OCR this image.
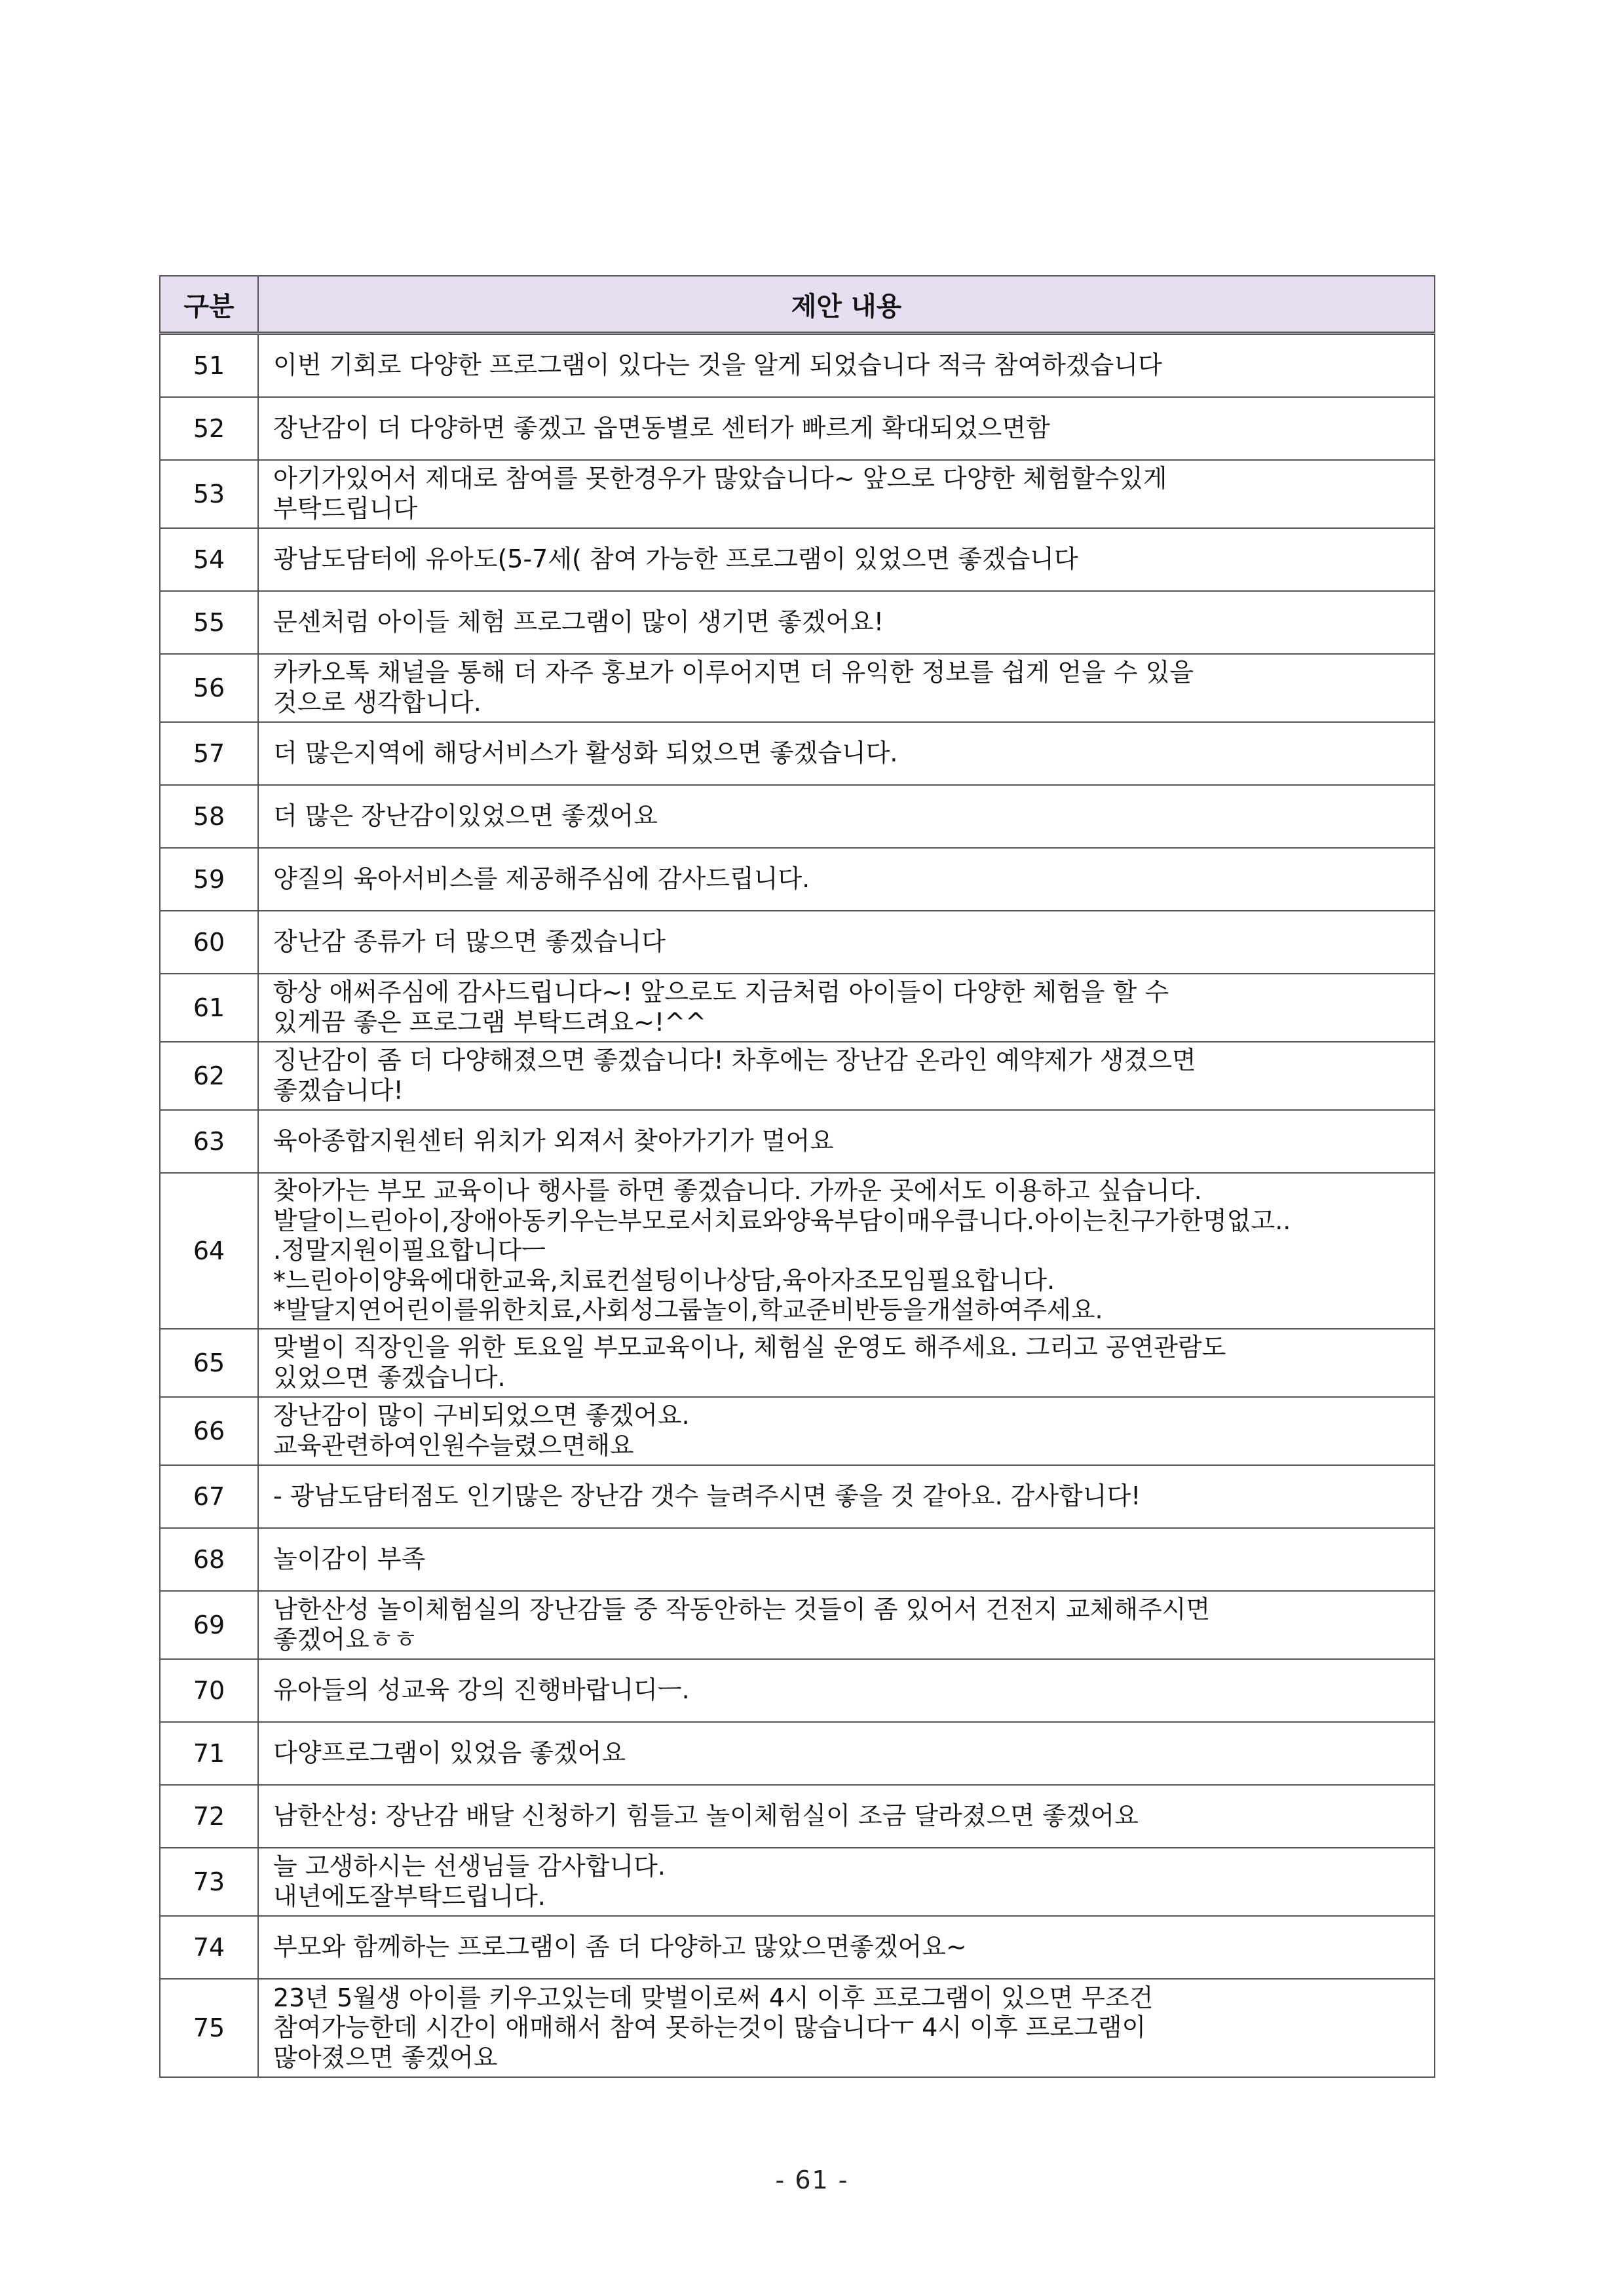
구분	제안 내용
51	이번 기회로 다양한 프로그램이 있다는 것을 알게 되었습니다 적극 참여하겠습니다
52	장난감이 더 다양하면 좋겠고 읍면동별로 센터가 빠르게 확대되었으면함
53	아기가있어서 제대로 참여를 못한경우가 많았습니다~ 앞으로 다양한 체험할수있게
부탁드립니다
54	광남도담터에 유아도(5-7세( 참여 가능한 프로그램이 있었으면 좋겠습니다
55	문센처럼 아이들 체험 프로그램이 많이 생기면 좋겠어요!
56	카카오톡 채널을 통해 더 자주 홍보가 이루어지면 더 유익한 정보를 쉽게 얻을 수 있을
것으로 생각합니다.
57	더 많은지역에 해당서비스가 활성화 되었으면 좋겠습니다.
58	더 많은 장난감이있었으면 좋겠어요
59	양질의 육아서비스를 제공해주심에 감사드립니다.
60	장난감 종류가 더 많으면 좋겠습니다
61	항상 애써주심에 감사드립니다~! 앞으로도 지금처럼 아이들이 다양한 체험을 할 수
있게끔 좋은 프로그램 부탁드려요~!^^
62	징난감이 좀 더 다양해졌으면 좋겠습니다! 차후에는 장난감 온라인 예약제가 생겼으면
좋겠습니다!
63	육아종합지원센터 위치가 외져서 찾아가기가 멀어요
64	찾아가는 부모 교육이나 행사를 하면 좋겠습니다. 가까운 곳에서도 이용하고 싶습니다.
발달이느린아이,장애아동키우는부모로서치료와양육부담이매우큽니다.아이는친구가한명없고..
.정말지원이필요합니다ㅡ
*느린아이양육에대한교육,치료컨설팅이나상담,육아자조모임필요합니다.
*발달지연어린이를위한치료,사회성그룹놀이,학교준비반등을개설하여주세요.
65	맞벌이 직장인을 위한 토요일 부모교육이나, 체험실 운영도 해주세요. 그리고 공연관람도
있었으면 좋겠습니다.
66	장난감이 많이 구비되었으면 좋겠어요.
교육관련하여인원수늘렸으면해요
67	- 광남도담터점도 인기많은 장난감 갯수 늘려주시면 좋을 것 같아요. 감사합니다!
68	놀이감이 부족
69	남한산성 놀이체험실의 장난감들 중 작동안하는 것들이 좀 있어서 건전지 교체해주시면
좋겠어요ㅎㅎ
70	유아들의 성교육 강의 진행바랍니디ㅡ.
71	다양프로그램이 있었음 좋겠어요
72	남한산성: 장난감 배달 신청하기 힘들고 놀이체험실이 조금 달라졌으면 좋겠어요
73	늘 고생하시는 선생님들 감사합니다.
내년에도잘부탁드립니다.
74	부모와 함께하는 프로그램이 좀 더 다양하고 많았으면좋겠어요~
75	23년 5월생 아이를 키우고있는데 맞벌이로써 4시 이후 프로그램이 있으면 무조건
참여가능한데 시간이 애매해서 참여 못하는것이 많습니다ㅜ 4시 이후 프로그램이
많아졌으면 좋겠어요
- 61 -
